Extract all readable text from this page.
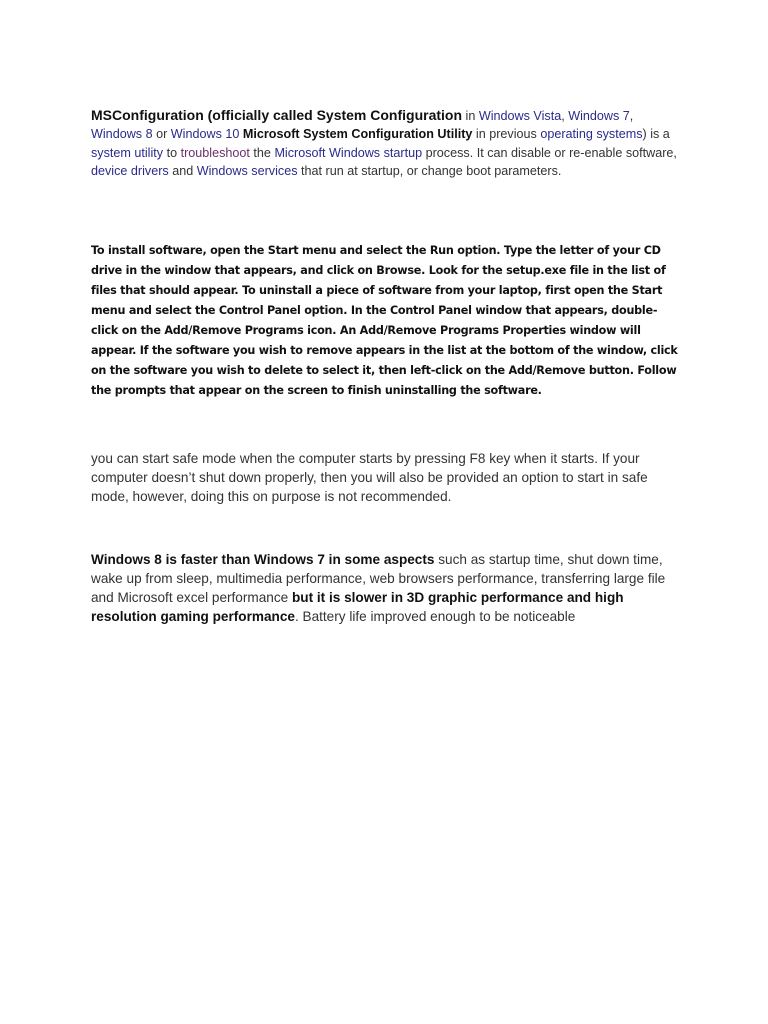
MSConfiguration (officially called System Configuration in Windows Vista, Windows 7, Windows 8 or Windows 10 Microsoft System Configuration Utility in previous operating systems) is a system utility to troubleshoot the Microsoft Windows startup process. It can disable or re-enable software, device drivers and Windows services that run at startup, or change boot parameters.

To install software, open the Start menu and select the Run option. Type the letter of your CD drive in the window that appears, and click on Browse. Look for the setup.exe file in the list of files that should appear. To uninstall a piece of software from your laptop, first open the Start menu and select the Control Panel option. In the Control Panel window that appears, double-click on the Add/Remove Programs icon. An Add/Remove Programs Properties window will appear. If the software you wish to remove appears in the list at the bottom of the window, click on the software you wish to delete to select it, then left-click on the Add/Remove button. Follow the prompts that appear on the screen to finish uninstalling the software.

you can start safe mode when the computer starts by pressing F8 key when it starts. If your computer doesn’t shut down properly, then you will also be provided an option to start in safe mode, however, doing this on purpose is not recommended.

Windows 8 is faster than Windows 7 in some aspects such as startup time, shut down time, wake up from sleep, multimedia performance, web browsers performance, transferring large file and Microsoft excel performance but it is slower in 3D graphic performance and high resolution gaming performance. Battery life improved enough to be noticeable
